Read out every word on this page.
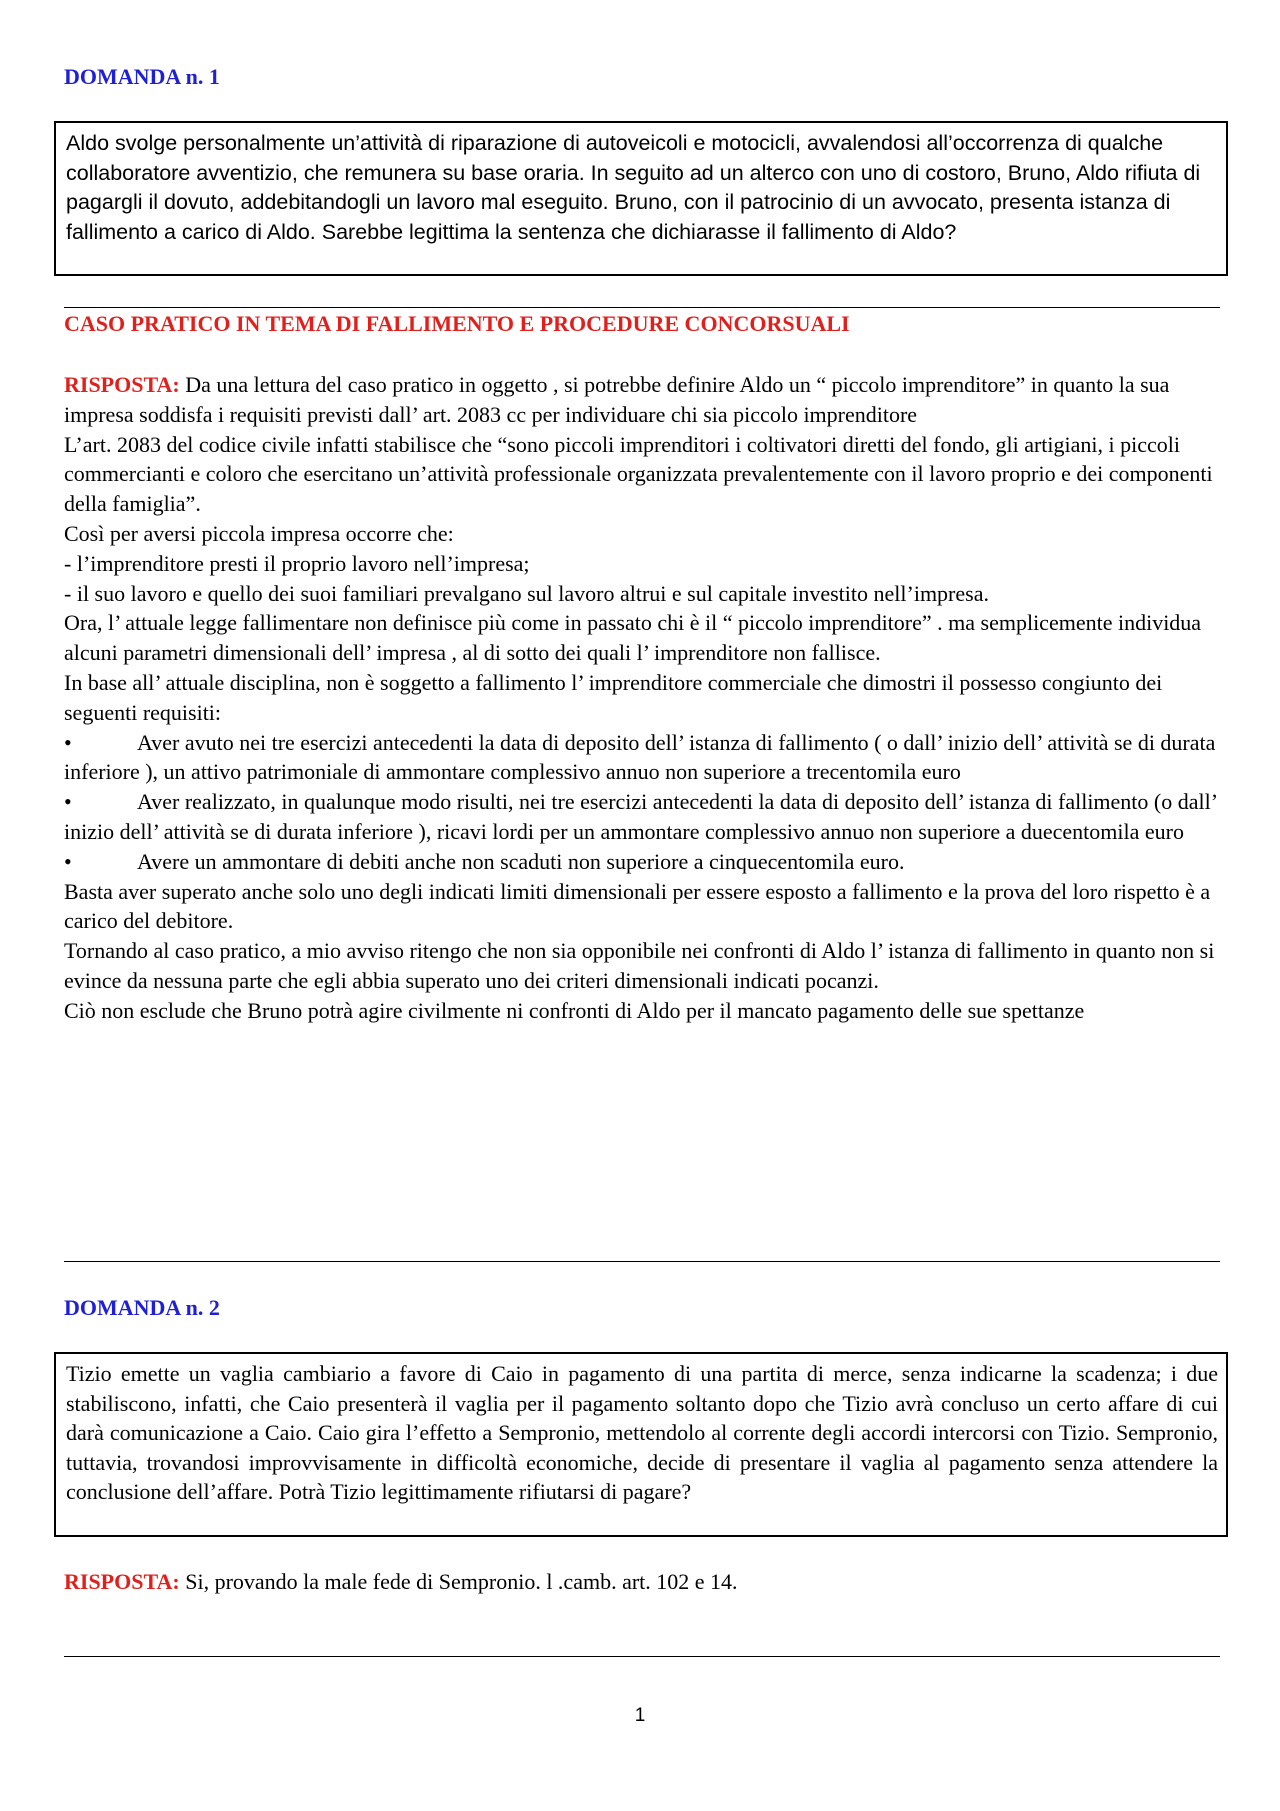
DOMANDA n. 1

Aldo svolge personalmente un’attività di riparazione di autoveicoli e motocicli, avvalendosi all’occorrenza di qualche collaboratore avventizio, che remunera su base oraria. In seguito ad un alterco con uno di costoro, Bruno, Aldo rifiuta di pagargli il dovuto, addebitandogli un lavoro mal eseguito. Bruno, con il patrocinio di un avvocato, presenta istanza di fallimento a carico di Aldo. Sarebbe legittima la sentenza che dichiarasse il fallimento di Aldo?

CASO PRATICO IN TEMA DI FALLIMENTO E PROCEDURE CONCORSUALI

RISPOSTA: Da una lettura del caso pratico in oggetto , si potrebbe definire Aldo un “ piccolo imprenditore” in quanto la sua impresa soddisfa i requisiti previsti dall’ art. 2083 cc per individuare chi sia piccolo imprenditore

L’art. 2083 del codice civile infatti stabilisce che “sono piccoli imprenditori i coltivatori diretti del fondo, gli artigiani, i piccoli commercianti e coloro che esercitano un’attività professionale organizzata prevalentemente con il lavoro proprio e dei componenti della famiglia”.

Così per aversi piccola impresa occorre che:

- l’imprenditore presti il proprio lavoro nell’impresa;

- il suo lavoro e quello dei suoi familiari prevalgano sul lavoro altrui e sul capitale investito nell’impresa.

Ora, l’ attuale legge fallimentare non definisce più come in passato chi è il “ piccolo imprenditore” . ma semplicemente individua alcuni parametri dimensionali dell’ impresa , al di sotto dei quali l’ imprenditore non fallisce.

In base all’ attuale disciplina, non è soggetto a fallimento l’ imprenditore commerciale che dimostri il possesso congiunto dei seguenti requisiti:

•	Aver avuto nei tre esercizi antecedenti la data di deposito dell’ istanza di fallimento ( o dall’ inizio dell’ attività se di durata inferiore ), un attivo patrimoniale di ammontare complessivo annuo non superiore a trecentomila euro

•	Aver realizzato, in qualunque modo risulti, nei tre esercizi antecedenti la data di deposito dell’ istanza di fallimento (o dall’ inizio dell’ attività se di durata inferiore ), ricavi lordi per un ammontare complessivo annuo non superiore a duecentomila euro

•	Avere un ammontare di debiti anche non scaduti non superiore a cinquecentomila euro.

Basta aver superato anche solo uno degli indicati limiti dimensionali per essere esposto a fallimento e la prova del loro rispetto è a carico del debitore.

Tornando al caso pratico, a mio avviso ritengo che non sia opponibile nei confronti di Aldo l’ istanza di fallimento in quanto non si evince da nessuna parte che egli abbia superato uno dei criteri dimensionali indicati pocanzi.

Ciò non esclude che Bruno potrà agire civilmente ni confronti di Aldo per il mancato pagamento delle sue spettanze

DOMANDA n. 2

Tizio emette un vaglia cambiario a favore di Caio in pagamento di una partita di merce, senza indicarne la scadenza; i due stabiliscono, infatti, che Caio presenterà il vaglia per il pagamento soltanto dopo che Tizio avrà concluso un certo affare di cui darà comunicazione a Caio. Caio gira l’effetto a Sempronio, mettendolo al corrente degli accordi intercorsi con Tizio. Sempronio, tuttavia, trovandosi improvvisamente in difficoltà economiche, decide di presentare il vaglia al pagamento senza attendere la conclusione dell’affare. Potrà Tizio legittimamente rifiutarsi di pagare?

RISPOSTA: Si, provando la male fede di Sempronio. l .camb. art. 102 e 14.

1
